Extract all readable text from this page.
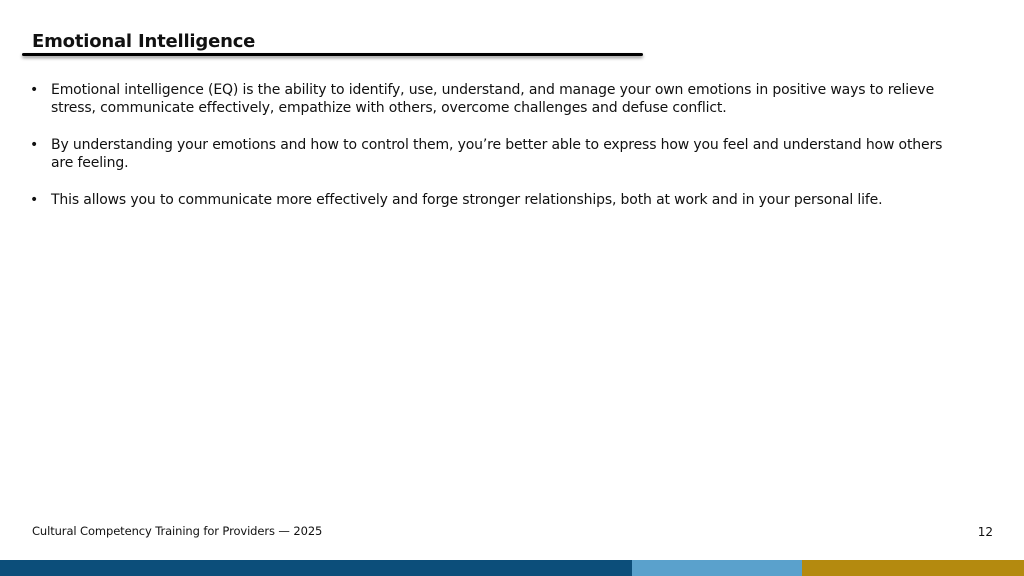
Emotional Intelligence
• Emotional intelligence (EQ) is the ability to identify, use, understand, and manage your own emotions in positive ways to relieve stress, communicate effectively, empathize with others, overcome challenges and defuse conflict.
• By understanding your emotions and how to control them, you’re better able to express how you feel and understand how others are feeling.
• This allows you to communicate more effectively and forge stronger relationships, both at work and in your personal life.
Cultural Competency Training for Providers — 2025	12
